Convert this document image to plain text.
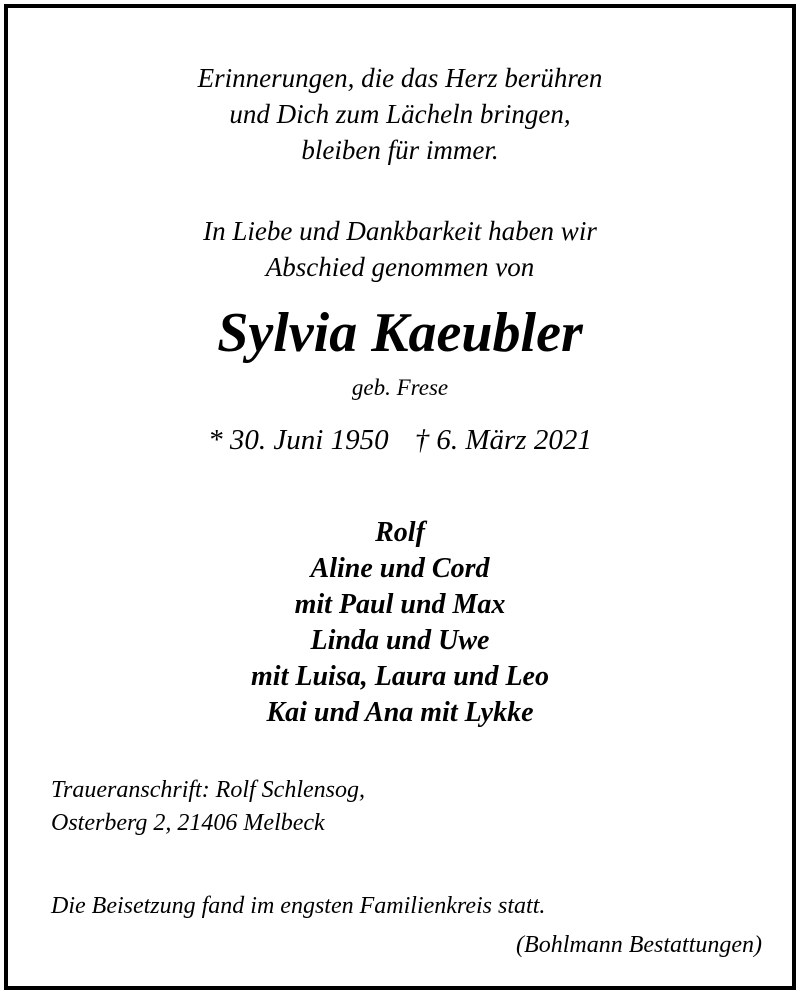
Erinnerungen, die das Herz berühren
und Dich zum Lächeln bringen,
bleiben für immer.
In Liebe und Dankbarkeit haben wir
Abschied genommen von
Sylvia Kaeubler
geb. Frese
* 30. Juni 1950 † 6. März 2021
Rolf
Aline und Cord
mit Paul und Max
Linda und Uwe
mit Luisa, Laura und Leo
Kai und Ana mit Lykke
Traueranschrift: Rolf Schlensog,
Osterberg 2, 21406 Melbeck
Die Beisetzung fand im engsten Familienkreis statt.
(Bohlmann Bestattungen)
